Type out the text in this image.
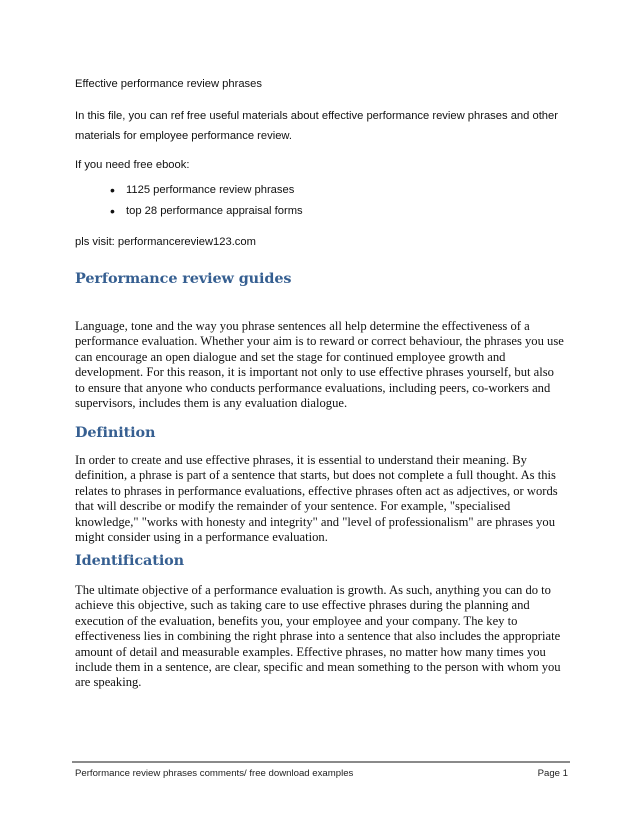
Effective performance review phrases

In this file, you can ref free useful materials about effective performance review phrases and other
materials for employee performance review.

If you need free ebook:

• 1125 performance review phrases
• top 28 performance appraisal forms

pls visit: performancereview123.com

Performance review guides
Language, tone and the way you phrase sentences all help determine the effectiveness of a
performance evaluation. Whether your aim is to reward or correct behaviour, the phrases you use
can encourage an open dialogue and set the stage for continued employee growth and
development. For this reason, it is important not only to use effective phrases yourself, but also
to ensure that anyone who conducts performance evaluations, including peers, co-workers and
supervisors, includes them is any evaluation dialogue.
Definition
In order to create and use effective phrases, it is essential to understand their meaning. By
definition, a phrase is part of a sentence that starts, but does not complete a full thought. As this
relates to phrases in performance evaluations, effective phrases often act as adjectives, or words
that will describe or modify the remainder of your sentence. For example, "specialised
knowledge," "works with honesty and integrity" and "level of professionalism" are phrases you
might consider using in a performance evaluation.
Identification
The ultimate objective of a performance evaluation is growth. As such, anything you can do to
achieve this objective, such as taking care to use effective phrases during the planning and
execution of the evaluation, benefits you, your employee and your company. The key to
effectiveness lies in combining the right phrase into a sentence that also includes the appropriate
amount of detail and measurable examples. Effective phrases, no matter how many times you
include them in a sentence, are clear, specific and mean something to the person with whom you
are speaking.
Performance review phrases comments/ free download examples	Page 1
